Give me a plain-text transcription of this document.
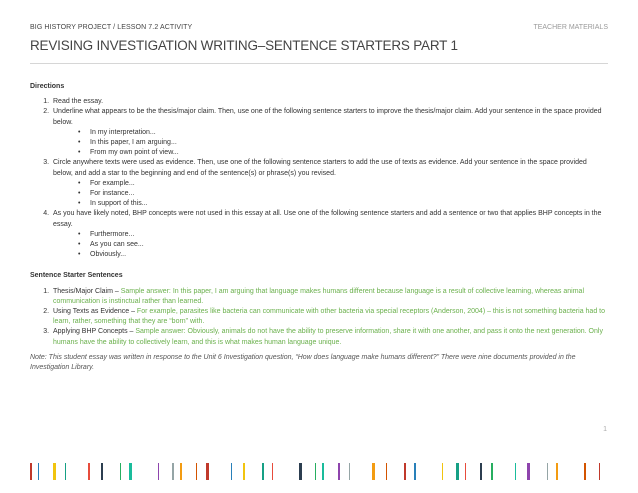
BIG HISTORY PROJECT / LESSON 7.2 ACTIVITY	TEACHER MATERIALS
REVISING INVESTIGATION WRITING–SENTENCE STARTERS PART 1
Directions
1. Read the essay.
2. Underline what appears to be the thesis/major claim. Then, use one of the following sentence starters to improve the thesis/major claim. Add your sentence in the space provided below.
• In my interpretation...
• In this paper, I am arguing...
• From my own point of view...
3. Circle anywhere texts were used as evidence. Then, use one of the following sentence starters to add the use of texts as evidence. Add your sentence in the space provided below, and add a star to the beginning and end of the sentence(s) or phrase(s) you revised.
• For example...
• For instance...
• In support of this...
4. As you have likely noted, BHP concepts were not used in this essay at all. Use one of the following sentence starters and add a sentence or two that applies BHP concepts in the essay.
• Furthermore...
• As you can see...
• Obviously...
Sentence Starter Sentences
1. Thesis/Major Claim – Sample answer: In this paper, I am arguing that language makes humans different because language is a result of collective learning, whereas animal communication is instinctual rather than learned.
2. Using Texts as Evidence – For example, parasites like bacteria can communicate with other bacteria via special receptors (Anderson, 2004) – this is not something bacteria had to learn, rather, something that they are “born” with.
3. Applying BHP Concepts – Sample answer: Obviously, animals do not have the ability to preserve information, share it with one another, and pass it onto the next generation. Only humans have the ability to collectively learn, and this is what makes human language unique.
Note: This student essay was written in response to the Unit 6 Investigation question, “How does language make humans different?” There were nine documents provided in the Investigation Library.
1
